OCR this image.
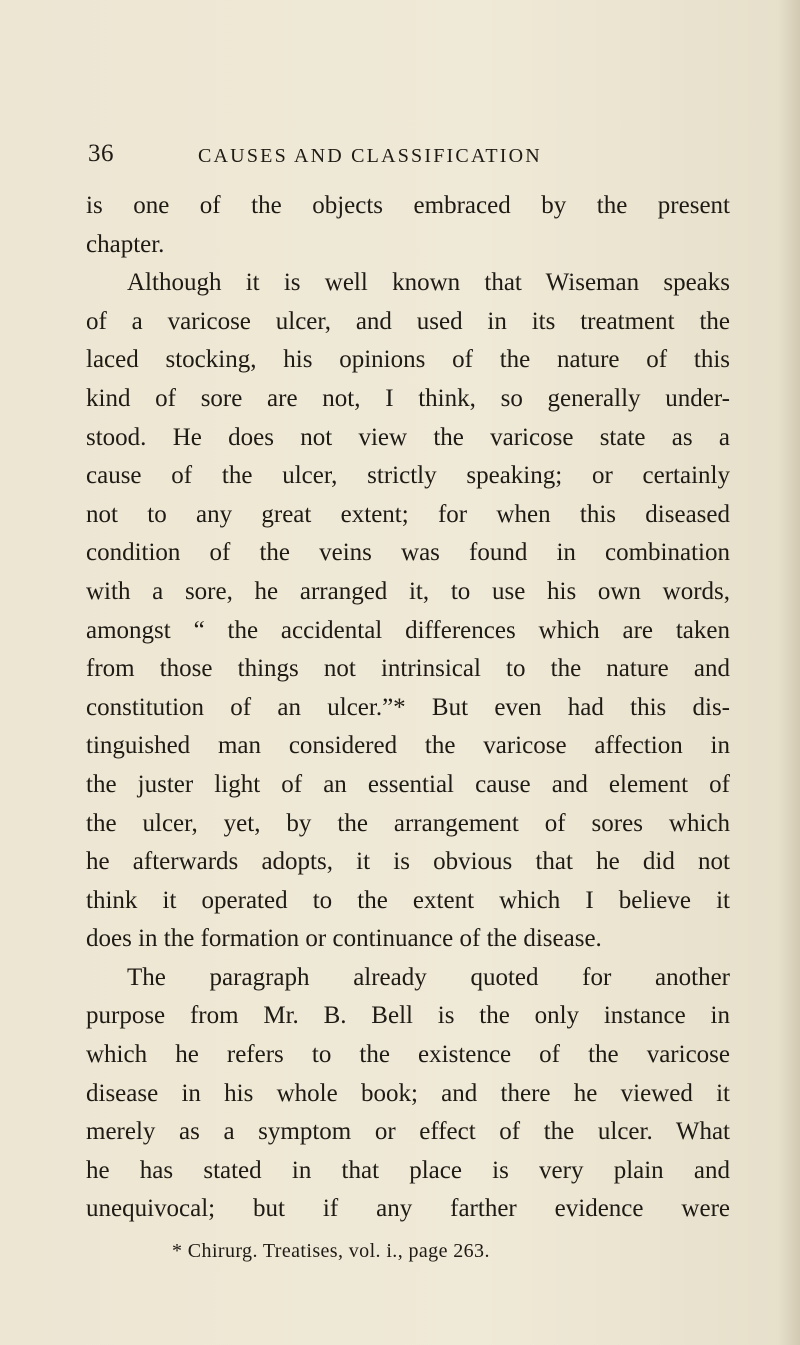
36	CAUSES AND CLASSIFICATION
is one of the objects embraced by the present
chapter.
Although it is well known that Wiseman speaks
of a varicose ulcer, and used in its treatment the
laced stocking, his opinions of the nature of this
kind of sore are not, I think, so generally under-
stood. He does not view the varicose state as a
cause of the ulcer, strictly speaking; or certainly
not to any great extent; for when this diseased
condition of the veins was found in combination
with a sore, he arranged it, to use his own words,
amongst “ the accidental differences which are taken
from those things not intrinsical to the nature and
constitution of an ulcer.”* But even had this dis-
tinguished man considered the varicose affection in
the juster light of an essential cause and element of
the ulcer, yet, by the arrangement of sores which
he afterwards adopts, it is obvious that he did not
think it operated to the extent which I believe it
does in the formation or continuance of the disease.
The paragraph already quoted for another
purpose from Mr. B. Bell is the only instance in
which he refers to the existence of the varicose
disease in his whole book; and there he viewed it
merely as a symptom or effect of the ulcer. What
he has stated in that place is very plain and
unequivocal; but if any farther evidence were
* Chirurg. Treatises, vol. i., page 263.
